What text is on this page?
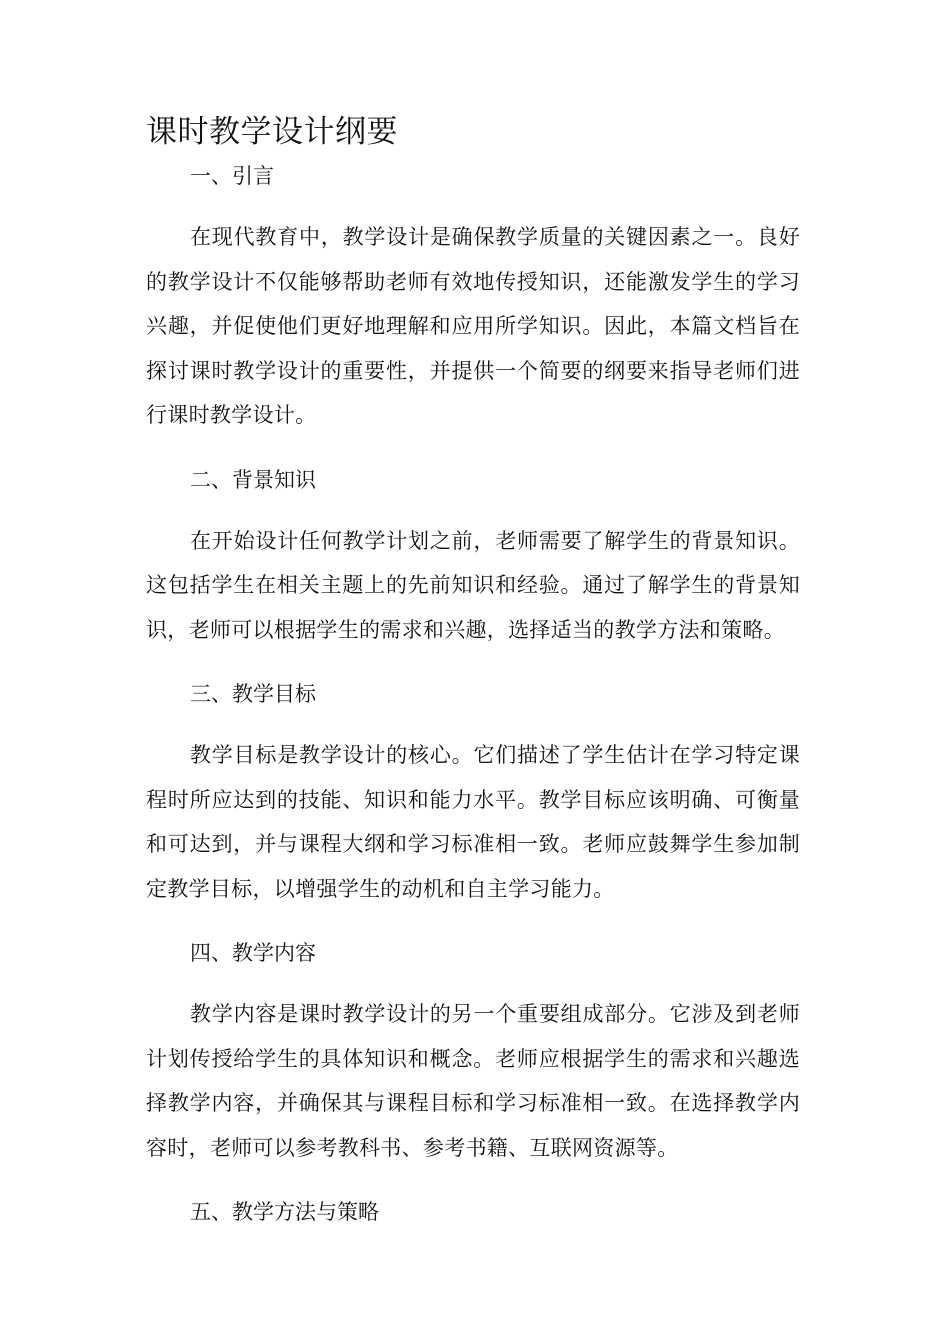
课时教学设计纲要
一、引言

在现代教育中，教学设计是确保教学质量的关键因素之一。良好的教学设计不仅能够帮助老师有效地传授知识，还能激发学生的学习兴趣，并促使他们更好地理解和应用所学知识。因此，本篇文档旨在探讨课时教学设计的重要性，并提供一个简要的纲要来指导老师们进行课时教学设计。

二、背景知识

在开始设计任何教学计划之前，老师需要了解学生的背景知识。这包括学生在相关主题上的先前知识和经验。通过了解学生的背景知识，老师可以根据学生的需求和兴趣，选择适当的教学方法和策略。

三、教学目标

教学目标是教学设计的核心。它们描述了学生估计在学习特定课程时所应达到的技能、知识和能力水平。教学目标应该明确、可衡量和可达到，并与课程大纲和学习标准相一致。老师应鼓舞学生参加制定教学目标，以增强学生的动机和自主学习能力。

四、教学内容

教学内容是课时教学设计的另一个重要组成部分。它涉及到老师计划传授给学生的具体知识和概念。老师应根据学生的需求和兴趣选择教学内容，并确保其与课程目标和学习标准相一致。在选择教学内容时，老师可以参考教科书、参考书籍、互联网资源等。

五、教学方法与策略
